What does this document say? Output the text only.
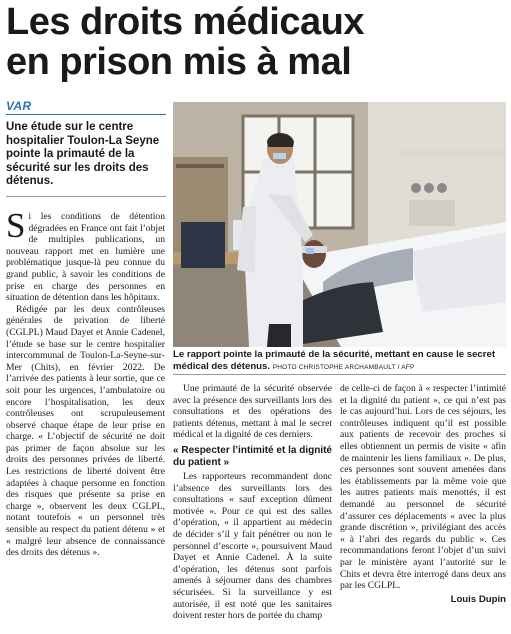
Les droits médicaux
en prison mis à mal
VAR
Une étude sur le centre hospitalier Toulon-La Seyne pointe la primauté de la sécurité sur les droits des détenus.
Le rapport pointe la primauté de la sécurité, mettant en cause le secret médical des détenus. PHOTO CHRISTOPHE ARCHAMBAULT / AFP

Si les conditions de détention dégradées en France ont fait l’objet de multiples publications, un nouveau rapport met en lumière une problématique jusque-là peu connue du grand public, à savoir les conditions de prise en charge des personnes en situation de détention dans les hôpitaux.

Rédigée par les deux contrôleuses générales de privation de liberté (CGLPL) Maud Dayet et Annie Cadenel, l’étude se base sur le centre hospitalier intercommunal de Toulon-La-Seyne-sur-Mer (Chits), en février 2022. De l’arrivée des patients à leur sortie, que ce soit pour les urgences, l’ambulatoire ou encore l’hospitalisation, les deux contrôleuses ont scrupuleusement observé chaque étape de leur prise en charge. « L’objectif de sécurité ne doit pas primer de façon absolue sur les droits des personnes privées de liberté. Les restrictions de liberté doivent être adaptées à chaque personne en fonction des risques que présente sa prise en charge », observent les deux CGLPL, notant toutefois « un personnel très sensible au respect du patient détenu » et « malgré leur absence de connaissance des droits des détenus ».

Une primauté de la sécurité observée avec la présence des surveillants lors des consultations et des opérations des patients détenus, mettant à mal le secret médical et la dignité de ces derniers.

« Respecter l’intimité et la dignité du patient »

Les rapporteurs recommandent donc l’absence des surveillants lors des consultations « sauf exception dûment motivée ». Pour ce qui est des salles d’opération, « il appartient au médecin de décider s’il y fait pénétrer ou non le personnel d’escorte », poursuivent Maud Dayet et Annie Cadenel. À la suite d’opération, les détenus sont parfois amenés à séjourner dans des chambres sécurisées. Si la surveillance y est autorisée, il est noté que les sanitaires doivent rester hors de portée du champ

de celle-ci de façon à « respecter l’intimité et la dignité du patient », ce qui n’est pas le cas aujourd’hui. Lors de ces séjours, les contrôleuses indiquent qu’il est possible aux patients de recevoir des proches si elles obtiennent un permis de visite « afin de maintenir les liens familiaux ». De plus, ces personnes sont souvent amenées dans les établissements par la même voie que les autres patients mais menottés, il est demandé au personnel de sécurité d’assurer ces déplacements « avec la plus grande discrétion », privilégiant des accès « à l’abri des regards du public ». Ces recommandations feront l’objet d’un suivi par le ministère ayant l’autorité sur le Chits et devra être interrogé dans deux ans par les CGLPL.

Louis Dupin
